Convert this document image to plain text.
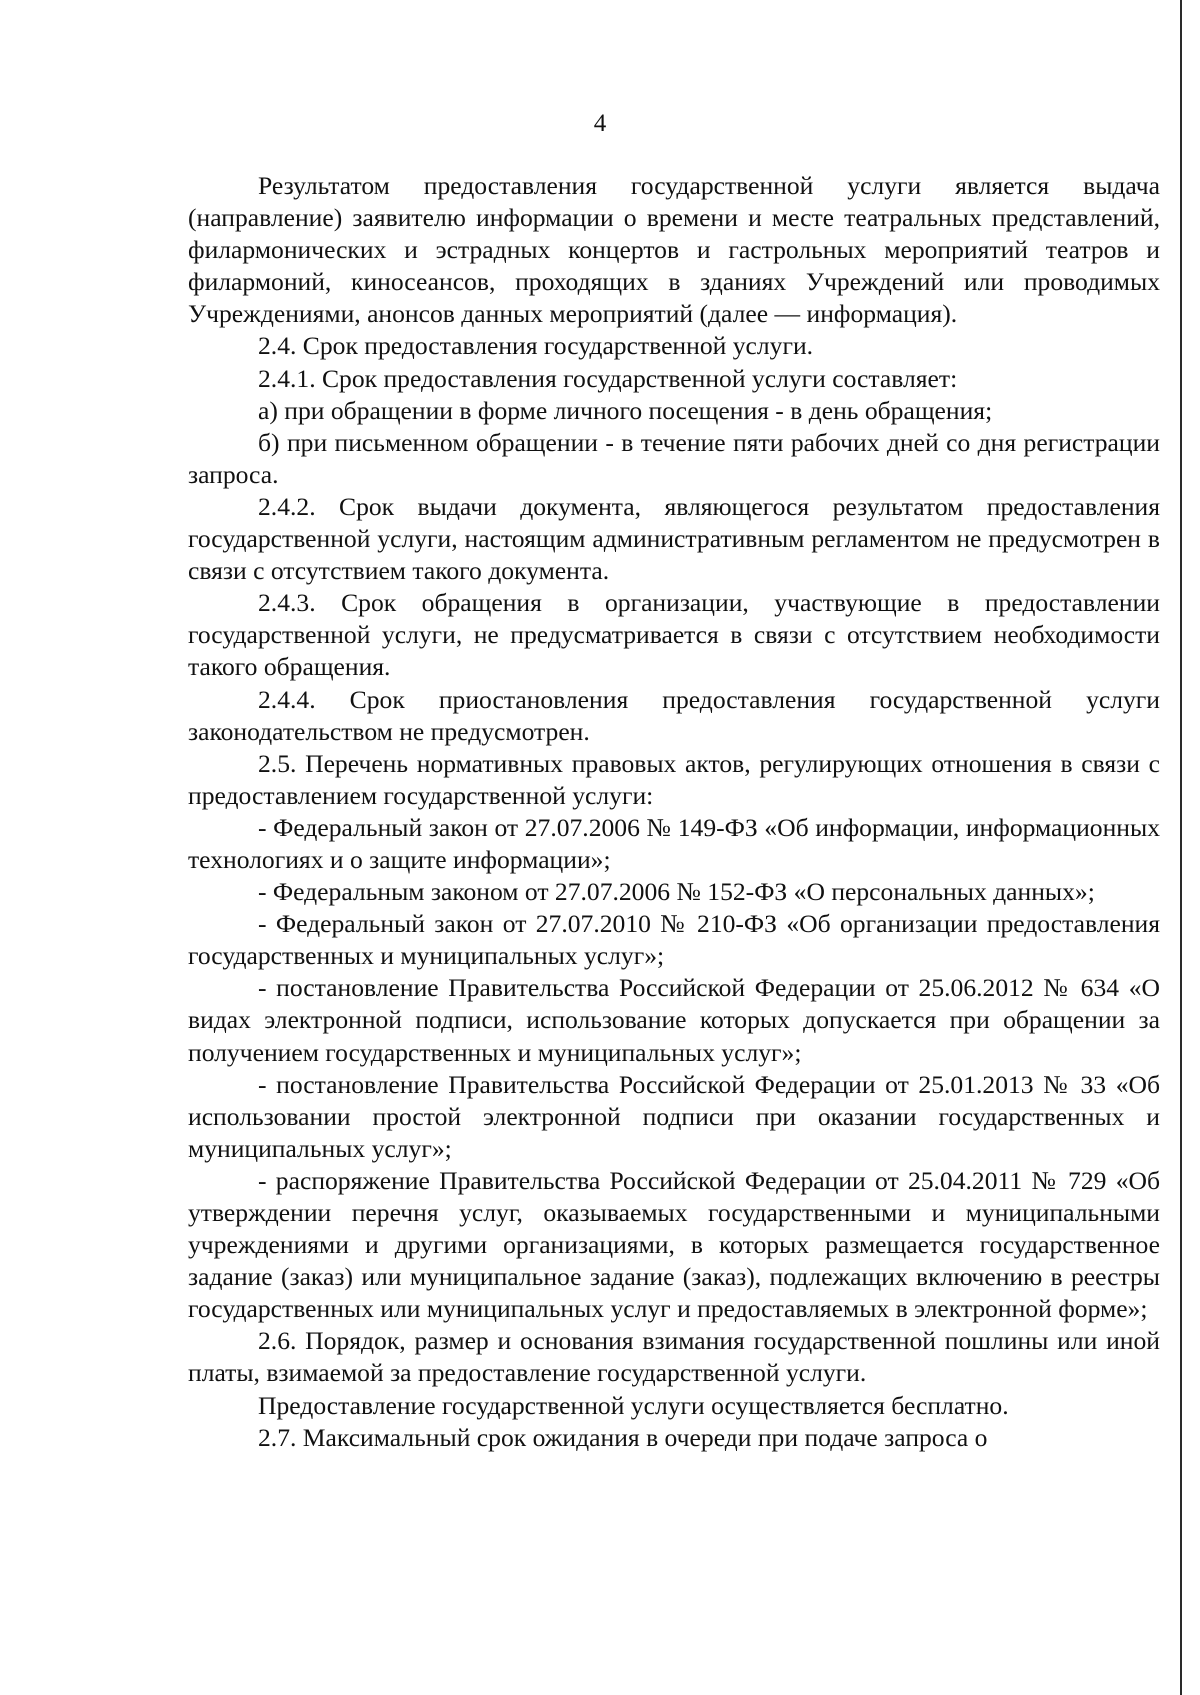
4

Результатом предоставления государственной услуги является выдача (направление) заявителю информации о времени и месте театральных представлений, филармонических и эстрадных концертов и гастрольных мероприятий театров и филармоний, киносеансов, проходящих в зданиях Учреждений или проводимых Учреждениями, анонсов данных мероприятий (далее — информация).

2.4. Срок предоставления государственной услуги.

2.4.1. Срок предоставления государственной услуги составляет:

а) при обращении в форме личного посещения - в день обращения;

б) при письменном обращении - в течение пяти рабочих дней со дня регистрации запроса.

2.4.2. Срок выдачи документа, являющегося результатом предоставления государственной услуги, настоящим административным регламентом не предусмотрен в связи с отсутствием такого документа.

2.4.3. Срок обращения в организации, участвующие в предоставлении государственной услуги, не предусматривается в связи с отсутствием необходимости такого обращения.

2.4.4. Срок приостановления предоставления государственной услуги законодательством не предусмотрен.

2.5. Перечень нормативных правовых актов, регулирующих отношения в связи с предоставлением государственной услуги:

- Федеральный закон от 27.07.2006 № 149-ФЗ «Об информации, информационных технологиях и о защите информации»;

- Федеральным законом от 27.07.2006 № 152-ФЗ «О персональных данных»;

- Федеральный закон от 27.07.2010 № 210-ФЗ «Об организации предоставления государственных и муниципальных услуг»;

- постановление Правительства Российской Федерации от 25.06.2012 № 634 «О видах электронной подписи, использование которых допускается при обращении за получением государственных и муниципальных услуг»;

- постановление Правительства Российской Федерации от 25.01.2013 № 33 «Об использовании простой электронной подписи при оказании государственных и муниципальных услуг»;

- распоряжение Правительства Российской Федерации от 25.04.2011 № 729 «Об утверждении перечня услуг, оказываемых государственными и муниципальными учреждениями и другими организациями, в которых размещается государственное задание (заказ) или муниципальное задание (заказ), подлежащих включению в реестры государственных или муниципальных услуг и предоставляемых в электронной форме»;

2.6. Порядок, размер и основания взимания государственной пошлины или иной платы, взимаемой за предоставление государственной услуги.

Предоставление государственной услуги осуществляется бесплатно.

2.7. Максимальный срок ожидания в очереди при подаче запроса о
